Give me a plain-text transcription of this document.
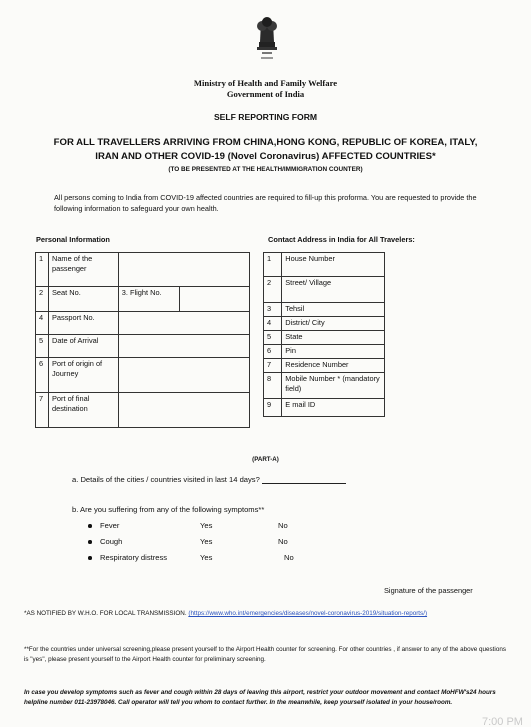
Ministry of Health and Family Welfare
Government of India
SELF REPORTING FORM
FOR ALL TRAVELLERS ARRIVING FROM CHINA,HONG KONG, REPUBLIC OF KOREA, ITALY,
IRAN AND OTHER COVID-19 (Novel Coronavirus) AFFECTED COUNTRIES*
(TO BE PRESENTED AT THE HEALTH/IMMIGRATION COUNTER)
All persons coming to India from COVID-19 affected countries are required to fill-up this proforma. You are requested to provide the following information to safeguard your own health.
Personal Information	Contact Address in India for All Travelers:
1	Name of the passenger		
2	Seat No.	3. Flight No.	
4	Passport No.		
5	Date of Arrival		
6	Port of origin of Journey		
7	Port of final destination		
1	House Number
2	Street/ Village
3	Tehsil
4	District/ City
5	State
6	Pin
7	Residence Number
8	Mobile Number * (mandatory field)
9	E mail ID
(PART-A)
a. Details of the cities / countries visited in last 14 days?
b. Are you suffering from any of the following symptoms**
Fever	Yes	No
Cough	Yes	No
Respiratory distress	Yes	No
Signature of the passenger
*AS NOTIFIED BY W.H.O. FOR LOCAL TRANSMISSION. (https://www.who.int/emergencies/diseases/novel-coronavirus-2019/situation-reports/)
**For the countries under universal screening,please present yourself to the Airport Health counter for screening. For other countries , if answer to any of the above questions is "yes", please present yourself to the Airport Health counter for preliminary screening.
In case you develop symptoms such as fever and cough within 28 days of leaving this airport, restrict your outdoor movement and contact MoHFW's24 hours helpline number 011-23978046. Call operator will tell you whom to contact further. In the meanwhile, keep yourself isolated in your house/room.
7:00 PM
